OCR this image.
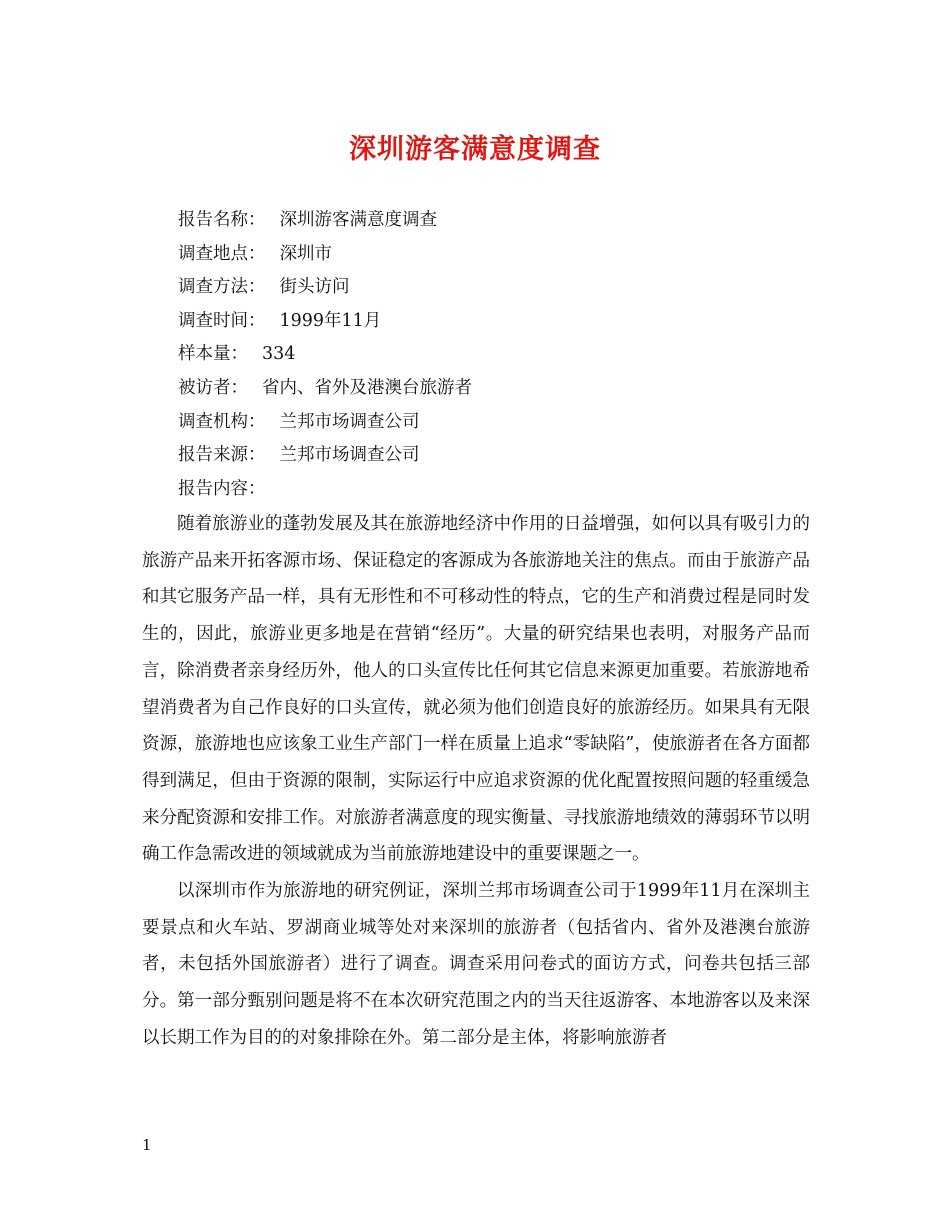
深圳游客满意度调查
报告名称： 深圳游客满意度调查
调查地点： 深圳市
调查方法： 街头访问
调查时间： 1999年11月
样本量： 334
被访者： 省内、省外及港澳台旅游者
调查机构： 兰邦市场调查公司
报告来源： 兰邦市场调查公司
报告内容：

随着旅游业的蓬勃发展及其在旅游地经济中作用的日益增强，如何以具有吸引力的旅游产品来开拓客源市场、保证稳定的客源成为各旅游地关注的焦点。而由于旅游产品和其它服务产品一样，具有无形性和不可移动性的特点，它的生产和消费过程是同时发生的，因此，旅游业更多地是在营销“经历”。大量的研究结果也表明，对服务产品而言，除消费者亲身经历外，他人的口头宣传比任何其它信息来源更加重要。若旅游地希望消费者为自己作良好的口头宣传，就必须为他们创造良好的旅游经历。如果具有无限资源，旅游地也应该象工业生产部门一样在质量上追求“零缺陷”，使旅游者在各方面都得到满足，但由于资源的限制，实际运行中应追求资源的优化配置按照问题的轻重缓急来分配资源和安排工作。对旅游者满意度的现实衡量、寻找旅游地绩效的薄弱环节以明确工作急需改进的领域就成为当前旅游地建设中的重要课题之一。

以深圳市作为旅游地的研究例证，深圳兰邦市场调查公司于1999年11月在深圳主要景点和火车站、罗湖商业城等处对来深圳的旅游者（包括省内、省外及港澳台旅游者，未包括外国旅游者）进行了调查。调查采用问卷式的面访方式，问卷共包括三部分。第一部分甄别问题是将不在本次研究范围之内的当天往返游客、本地游客以及来深以长期工作为目的的对象排除在外。第二部分是主体，将影响旅游者

1
